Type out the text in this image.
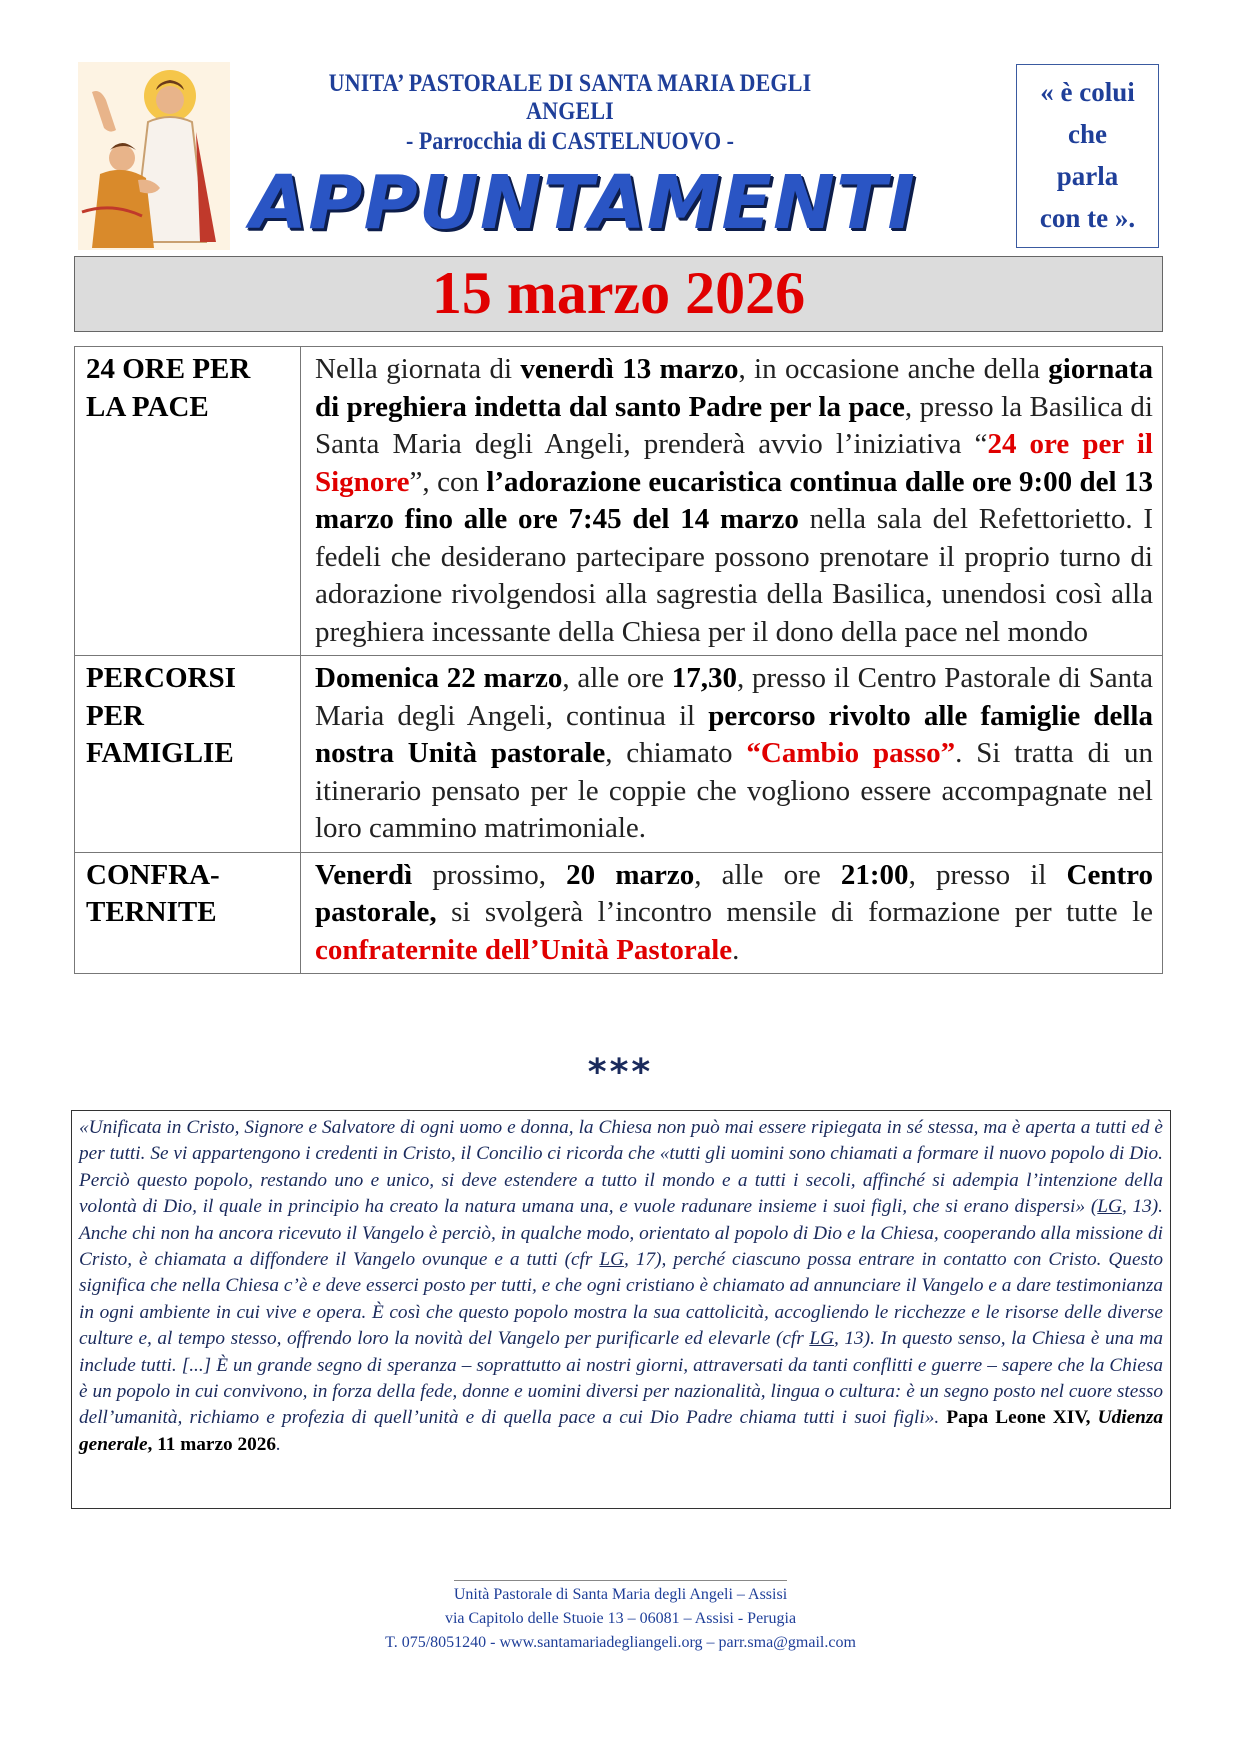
UNITA’ PASTORALE DI SANTA MARIA DEGLI ANGELI
- Parrocchia di CASTELNUOVO -
APPUNTAMENTI
« è colui
che
parla
con te ».
15 marzo 2026
24 ORE PER LA PACE	Nella giornata di venerdì 13 marzo, in occasione anche della giornata di preghiera indetta dal santo Padre per la pace, presso la Basilica di Santa Maria degli Angeli, prenderà avvio l’iniziativa “24 ore per il Signore”, con l’adorazione eucaristica continua dalle ore 9:00 del 13 marzo fino alle ore 7:45 del 14 marzo nella sala del Refettorietto. I fedeli che desiderano partecipare possono prenotare il proprio turno di adorazione rivolgendosi alla sagrestia della Basilica, unendosi così alla preghiera incessante della Chiesa per il dono della pace nel mondo
PERCORSI PER FAMIGLIE	Domenica 22 marzo, alle ore 17,30, presso il Centro Pastorale di Santa Maria degli Angeli, continua il percorso rivolto alle famiglie della nostra Unità pastorale, chiamato “Cambio passo”. Si tratta di un itinerario pensato per le coppie che vogliono essere accompagnate nel loro cammino matrimoniale.
CONFRA- TERNITE	Venerdì prossimo, 20 marzo, alle ore 21:00, presso il Centro pastorale, si svolgerà l’incontro mensile di formazione per tutte le confraternite dell’Unità Pastorale.
***
«Unificata in Cristo, Signore e Salvatore di ogni uomo e donna, la Chiesa non può mai essere ripiegata in sé stessa, ma è aperta a tutti ed è per tutti. Se vi appartengono i credenti in Cristo, il Concilio ci ricorda che «tutti gli uomini sono chiamati a formare il nuovo popolo di Dio. Perciò questo popolo, restando uno e unico, si deve estendere a tutto il mondo e a tutti i secoli, affinché si adempia l’intenzione della volontà di Dio, il quale in principio ha creato la natura umana una, e vuole radunare insieme i suoi figli, che si erano dispersi» (LG, 13). Anche chi non ha ancora ricevuto il Vangelo è perciò, in qualche modo, orientato al popolo di Dio e la Chiesa, cooperando alla missione di Cristo, è chiamata a diffondere il Vangelo ovunque e a tutti (cfr LG, 17), perché ciascuno possa entrare in contatto con Cristo. Questo significa che nella Chiesa c’è e deve esserci posto per tutti, e che ogni cristiano è chiamato ad annunciare il Vangelo e a dare testimonianza in ogni ambiente in cui vive e opera. È così che questo popolo mostra la sua cattolicità, accogliendo le ricchezze e le risorse delle diverse culture e, al tempo stesso, offrendo loro la novità del Vangelo per purificarle ed elevarle (cfr LG, 13). In questo senso, la Chiesa è una ma include tutti. [...] È un grande segno di speranza – soprattutto ai nostri giorni, attraversati da tanti conflitti e guerre – sapere che la Chiesa è un popolo in cui convivono, in forza della fede, donne e uomini diversi per nazionalità, lingua o cultura: è un segno posto nel cuore stesso dell’umanità, richiamo e profezia di quell’unità e di quella pace a cui Dio Padre chiama tutti i suoi figli». Papa Leone XIV, Udienza generale, 11 marzo 2026.
Unità Pastorale di Santa Maria degli Angeli – Assisi
via Capitolo delle Stuoie 13 – 06081 – Assisi - Perugia
T. 075/8051240 - www.santamariadegliangeli.org – parr.sma@gmail.com
